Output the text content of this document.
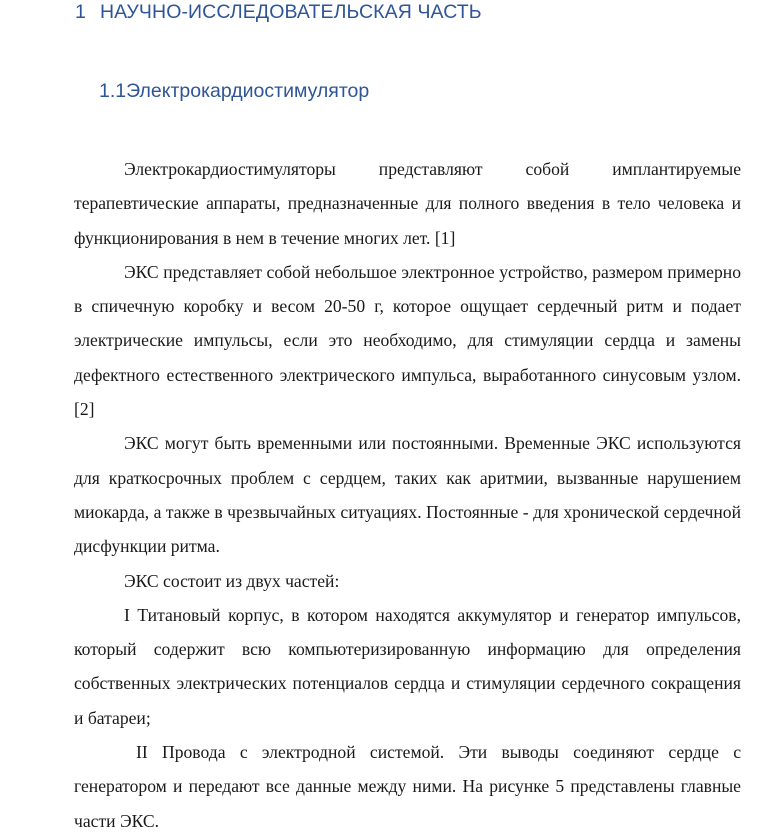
1 НАУЧНО-ИССЛЕДОВАТЕЛЬСКАЯ ЧАСТЬ
1.1Электрокардиостимулятор

Электрокардиостимуляторы представляют собой имплантируемые терапевтические аппараты, предназначенные для полного введения в тело человека и функционирования в нем в течение многих лет. [1]

ЭКС представляет собой небольшое электронное устройство, размером примерно в спичечную коробку и весом 20-50 г, которое ощущает сердечный ритм и подает электрические импульсы, если это необходимо, для стимуляции сердца и замены дефектного естественного электрического импульса, выработанного синусовым узлом. [2]

ЭКС могут быть временными или постоянными. Временные ЭКС используются для краткосрочных проблем с сердцем, таких как аритмии, вызванные нарушением миокарда, а также в чрезвычайных ситуациях. Постоянные - для хронической сердечной дисфункции ритма.

ЭКС состоит из двух частей:

I Титановый корпус, в котором находятся аккумулятор и генератор импульсов, который содержит всю компьютеризированную информацию для определения собственных электрических потенциалов сердца и стимуляции сердечного сокращения и батареи;

II Провода с электродной системой. Эти выводы соединяют сердце с генератором и передают все данные между ними. На рисунке 5 представлены главные части ЭКС.
